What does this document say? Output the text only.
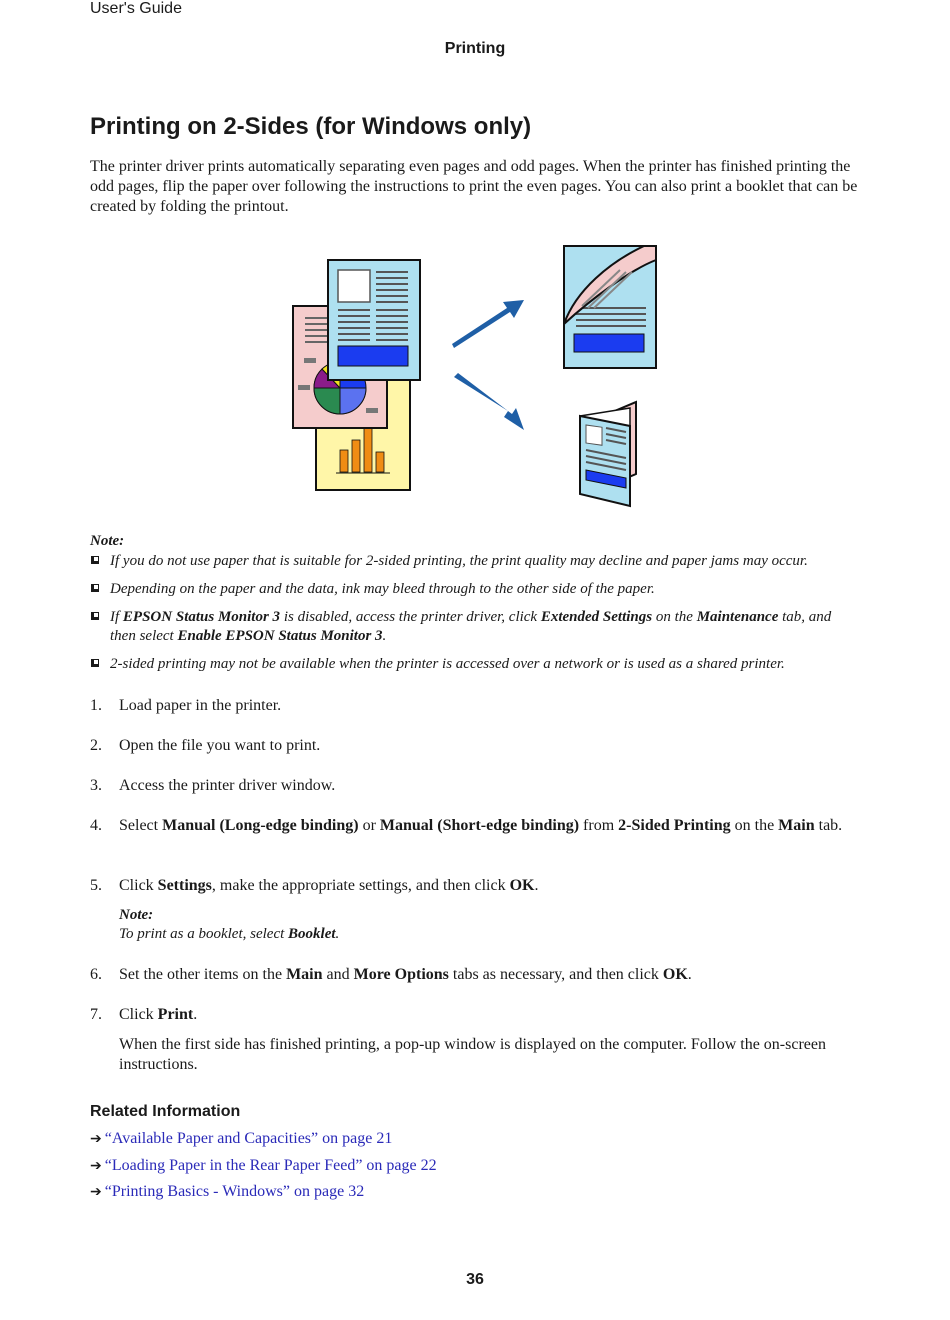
User's Guide
Printing
Printing on 2-Sides (for Windows only)
The printer driver prints automatically separating even pages and odd pages. When the printer has finished printing the odd pages, flip the paper over following the instructions to print the even pages. You can also print a booklet that can be created by folding the printout.
Note:
If you do not use paper that is suitable for 2-sided printing, the print quality may decline and paper jams may occur.
Depending on the paper and the data, ink may bleed through to the other side of the paper.
If EPSON Status Monitor 3 is disabled, access the printer driver, click Extended Settings on the Maintenance tab, and then select Enable EPSON Status Monitor 3.
2-sided printing may not be available when the printer is accessed over a network or is used as a shared printer.
1. Load paper in the printer.
2. Open the file you want to print.
3. Access the printer driver window.
4. Select Manual (Long-edge binding) or Manual (Short-edge binding) from 2-Sided Printing on the Main tab.
5. Click Settings, make the appropriate settings, and then click OK.
Note:
To print as a booklet, select Booklet.
6. Set the other items on the Main and More Options tabs as necessary, and then click OK.
7. Click Print.
When the first side has finished printing, a pop-up window is displayed on the computer. Follow the on-screen instructions.
Related Information
➔ “Available Paper and Capacities” on page 21
➔ “Loading Paper in the Rear Paper Feed” on page 22
➔ “Printing Basics - Windows” on page 32
36
